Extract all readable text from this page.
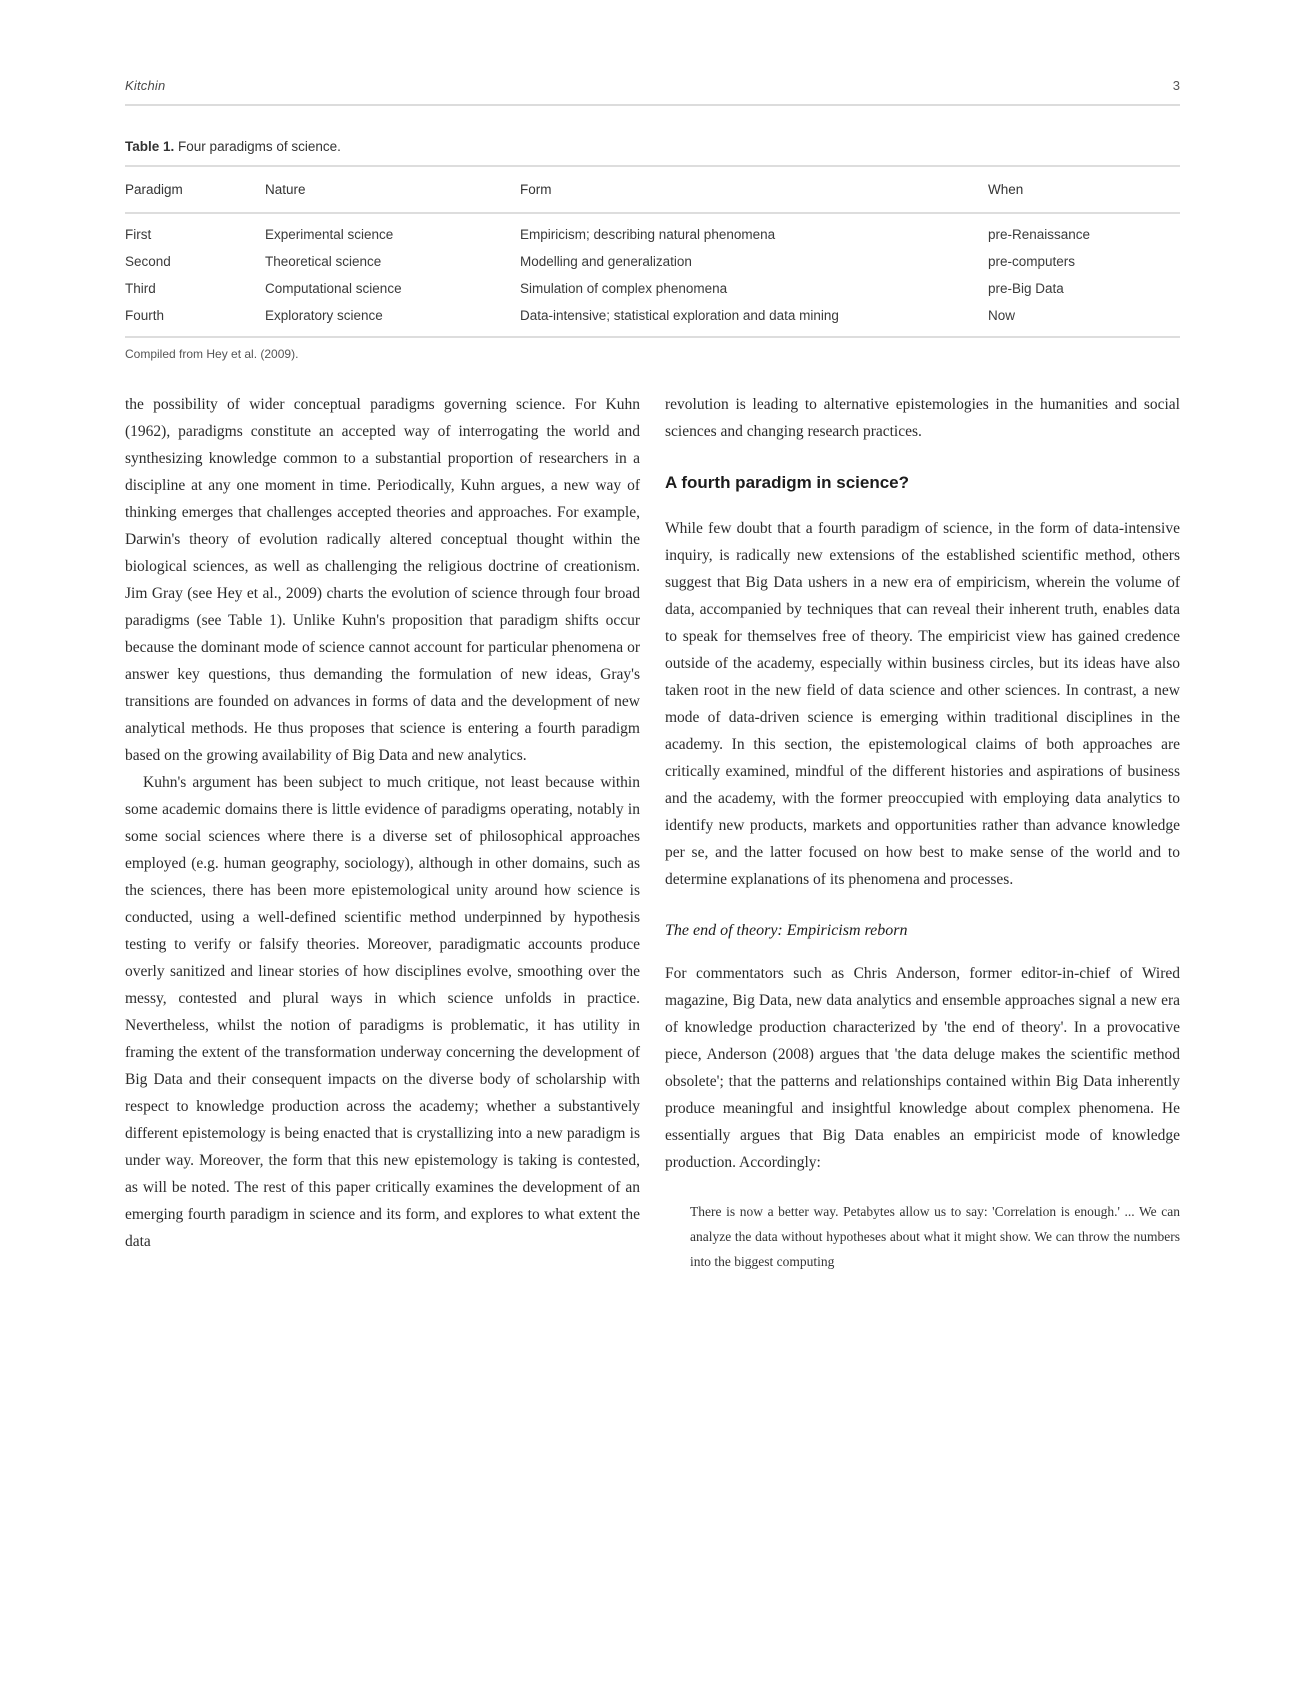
Kitchin	3
Table 1. Four paradigms of science.
Paradigm	Nature	Form	When
First	Experimental science	Empiricism; describing natural phenomena	pre-Renaissance
Second	Theoretical science	Modelling and generalization	pre-computers
Third	Computational science	Simulation of complex phenomena	pre-Big Data
Fourth	Exploratory science	Data-intensive; statistical exploration and data mining	Now
Compiled from Hey et al. (2009).

the possibility of wider conceptual paradigms governing science. For Kuhn (1962), paradigms constitute an accepted way of interrogating the world and synthesizing knowledge common to a substantial proportion of researchers in a discipline at any one moment in time. Periodically, Kuhn argues, a new way of thinking emerges that challenges accepted theories and approaches. For example, Darwin's theory of evolution radically altered conceptual thought within the biological sciences, as well as challenging the religious doctrine of creationism. Jim Gray (see Hey et al., 2009) charts the evolution of science through four broad paradigms (see Table 1). Unlike Kuhn's proposition that paradigm shifts occur because the dominant mode of science cannot account for particular phenomena or answer key questions, thus demanding the formulation of new ideas, Gray's transitions are founded on advances in forms of data and the development of new analytical methods. He thus proposes that science is entering a fourth paradigm based on the growing availability of Big Data and new analytics.

Kuhn's argument has been subject to much critique, not least because within some academic domains there is little evidence of paradigms operating, notably in some social sciences where there is a diverse set of philosophical approaches employed (e.g. human geography, sociology), although in other domains, such as the sciences, there has been more epistemological unity around how science is conducted, using a well-defined scientific method underpinned by hypothesis testing to verify or falsify theories. Moreover, paradigmatic accounts produce overly sanitized and linear stories of how disciplines evolve, smoothing over the messy, contested and plural ways in which science unfolds in practice. Nevertheless, whilst the notion of paradigms is problematic, it has utility in framing the extent of the transformation underway concerning the development of Big Data and their consequent impacts on the diverse body of scholarship with respect to knowledge production across the academy; whether a substantively different epistemology is being enacted that is crystallizing into a new paradigm is under way. Moreover, the form that this new epistemology is taking is contested, as will be noted. The rest of this paper critically examines the development of an emerging fourth paradigm in science and its form, and explores to what extent the data

revolution is leading to alternative epistemologies in the humanities and social sciences and changing research practices.

A fourth paradigm in science?

While few doubt that a fourth paradigm of science, in the form of data-intensive inquiry, is radically new extensions of the established scientific method, others suggest that Big Data ushers in a new era of empiricism, wherein the volume of data, accompanied by techniques that can reveal their inherent truth, enables data to speak for themselves free of theory. The empiricist view has gained credence outside of the academy, especially within business circles, but its ideas have also taken root in the new field of data science and other sciences. In contrast, a new mode of data-driven science is emerging within traditional disciplines in the academy. In this section, the epistemological claims of both approaches are critically examined, mindful of the different histories and aspirations of business and the academy, with the former preoccupied with employing data analytics to identify new products, markets and opportunities rather than advance knowledge per se, and the latter focused on how best to make sense of the world and to determine explanations of its phenomena and processes.

The end of theory: Empiricism reborn

For commentators such as Chris Anderson, former editor-in-chief of Wired magazine, Big Data, new data analytics and ensemble approaches signal a new era of knowledge production characterized by 'the end of theory'. In a provocative piece, Anderson (2008) argues that 'the data deluge makes the scientific method obsolete'; that the patterns and relationships contained within Big Data inherently produce meaningful and insightful knowledge about complex phenomena. He essentially argues that Big Data enables an empiricist mode of knowledge production. Accordingly:

There is now a better way. Petabytes allow us to say: 'Correlation is enough.' ... We can analyze the data without hypotheses about what it might show. We can throw the numbers into the biggest computing
